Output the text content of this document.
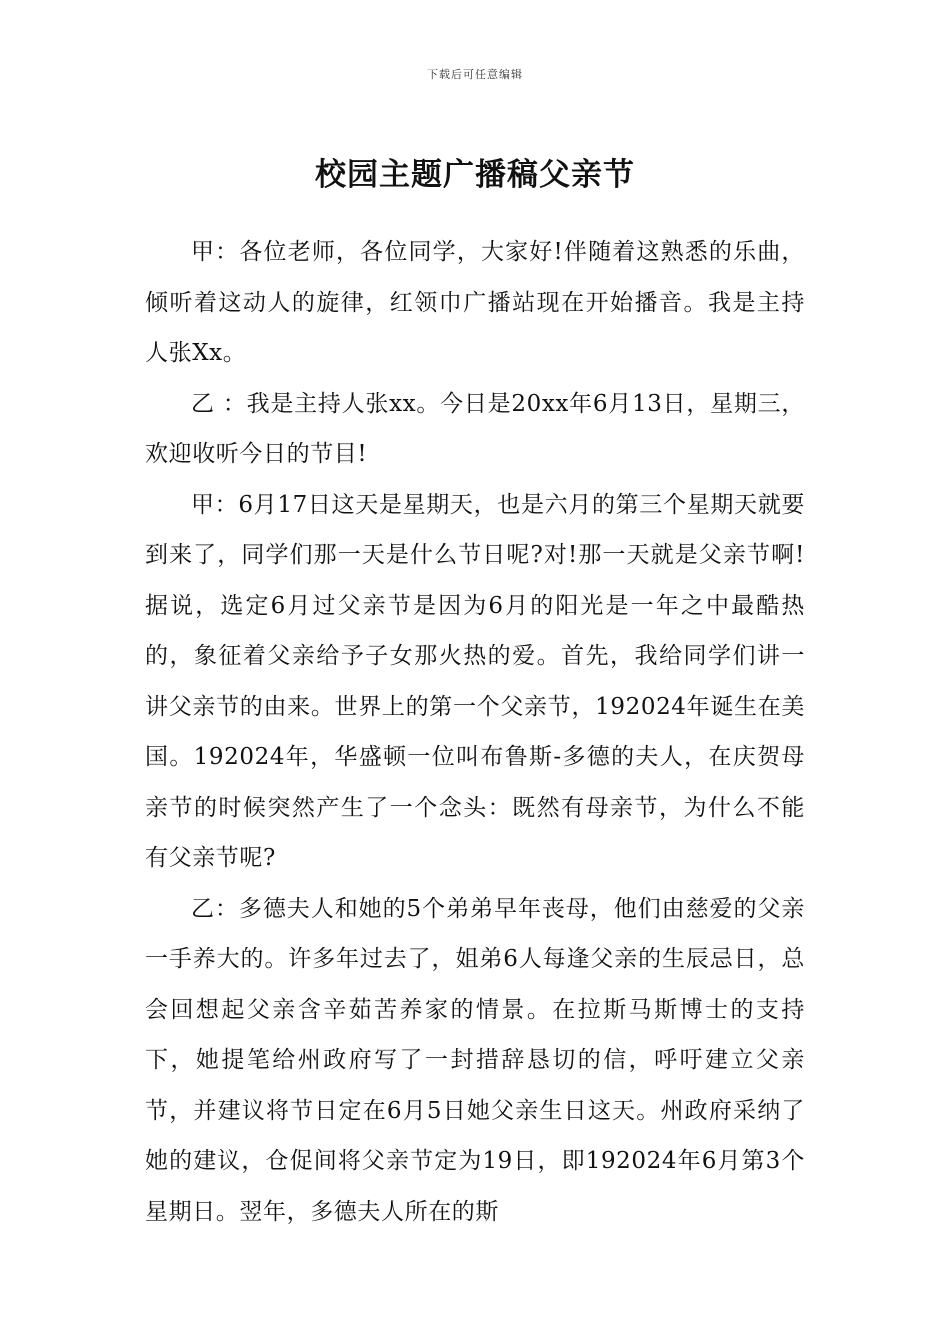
下载后可任意编辑
校园主题广播稿父亲节

甲：各位老师，各位同学，大家好!伴随着这熟悉的乐曲，倾听着这动人的旋律，红领巾广播站现在开始播音。我是主持人张Xx。

乙 ：我是主持人张xx。今日是20xx年6月13日，星期三，欢迎收听今日的节目!

甲：6月17日这天是星期天，也是六月的第三个星期天就要到来了，同学们那一天是什么节日呢?对!那一天就是父亲节啊!据说，选定6月过父亲节是因为6月的阳光是一年之中最酷热的，象征着父亲给予子女那火热的爱。首先，我给同学们讲一讲父亲节的由来。世界上的第一个父亲节，192024年诞生在美国。192024年，华盛顿一位叫布鲁斯-多德的夫人，在庆贺母亲节的时候突然产生了一个念头：既然有母亲节，为什么不能有父亲节呢?

乙：多德夫人和她的5个弟弟早年丧母，他们由慈爱的父亲一手养大的。许多年过去了，姐弟6人每逢父亲的生辰忌日，总会回想起父亲含辛茹苦养家的情景。在拉斯马斯博士的支持下，她提笔给州政府写了一封措辞恳切的信，呼吁建立父亲节，并建议将节日定在6月5日她父亲生日这天。州政府采纳了她的建议，仓促间将父亲节定为19日，即192024年6月第3个星期日。翌年，多德夫人所在的斯
